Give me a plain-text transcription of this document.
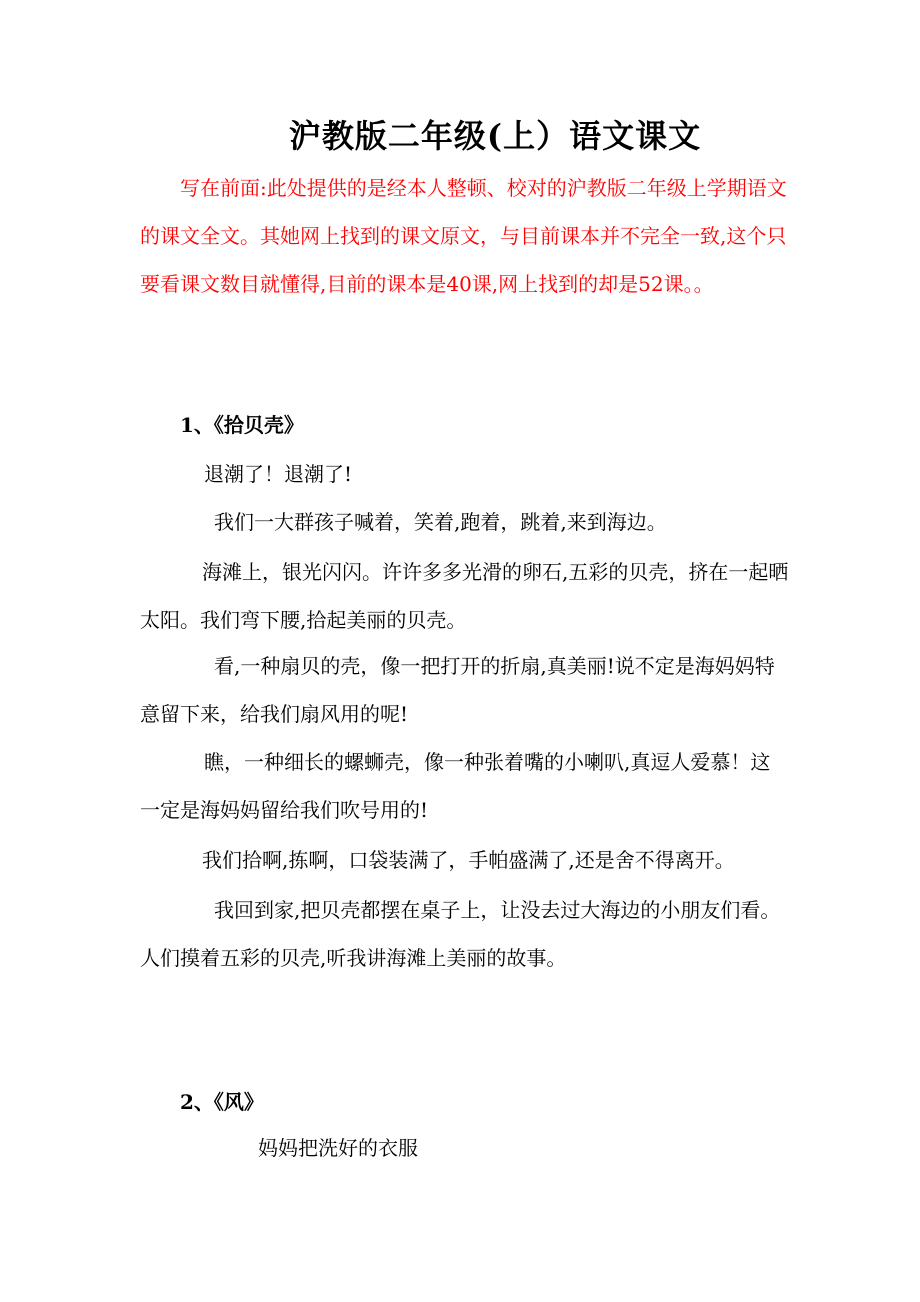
沪教版二年级(上）语文课文

写在前面:此处提供的是经本人整顿、校对的沪教版二年级上学期语文的课文全文。其她网上找到的课文原文，与目前课本并不完全一致,这个只要看课文数目就懂得,目前的课本是40课,网上找到的却是52课。。

1、《拾贝壳》

退潮了！退潮了!

我们一大群孩子喊着，笑着,跑着，跳着,来到海边。

海滩上，银光闪闪。许许多多光滑的卵石,五彩的贝壳，挤在一起晒太阳。我们弯下腰,拾起美丽的贝壳。

看,一种扇贝的壳，像一把打开的折扇,真美丽!说不定是海妈妈特意留下来，给我们扇风用的呢!

瞧，一种细长的螺蛳壳，像一种张着嘴的小喇叭,真逗人爱慕！这一定是海妈妈留给我们吹号用的!

我们拾啊,拣啊，口袋装满了，手帕盛满了,还是舍不得离开。

我回到家,把贝壳都摆在桌子上，让没去过大海边的小朋友们看。人们摸着五彩的贝壳,听我讲海滩上美丽的故事。

2、《风》

妈妈把洗好的衣服
